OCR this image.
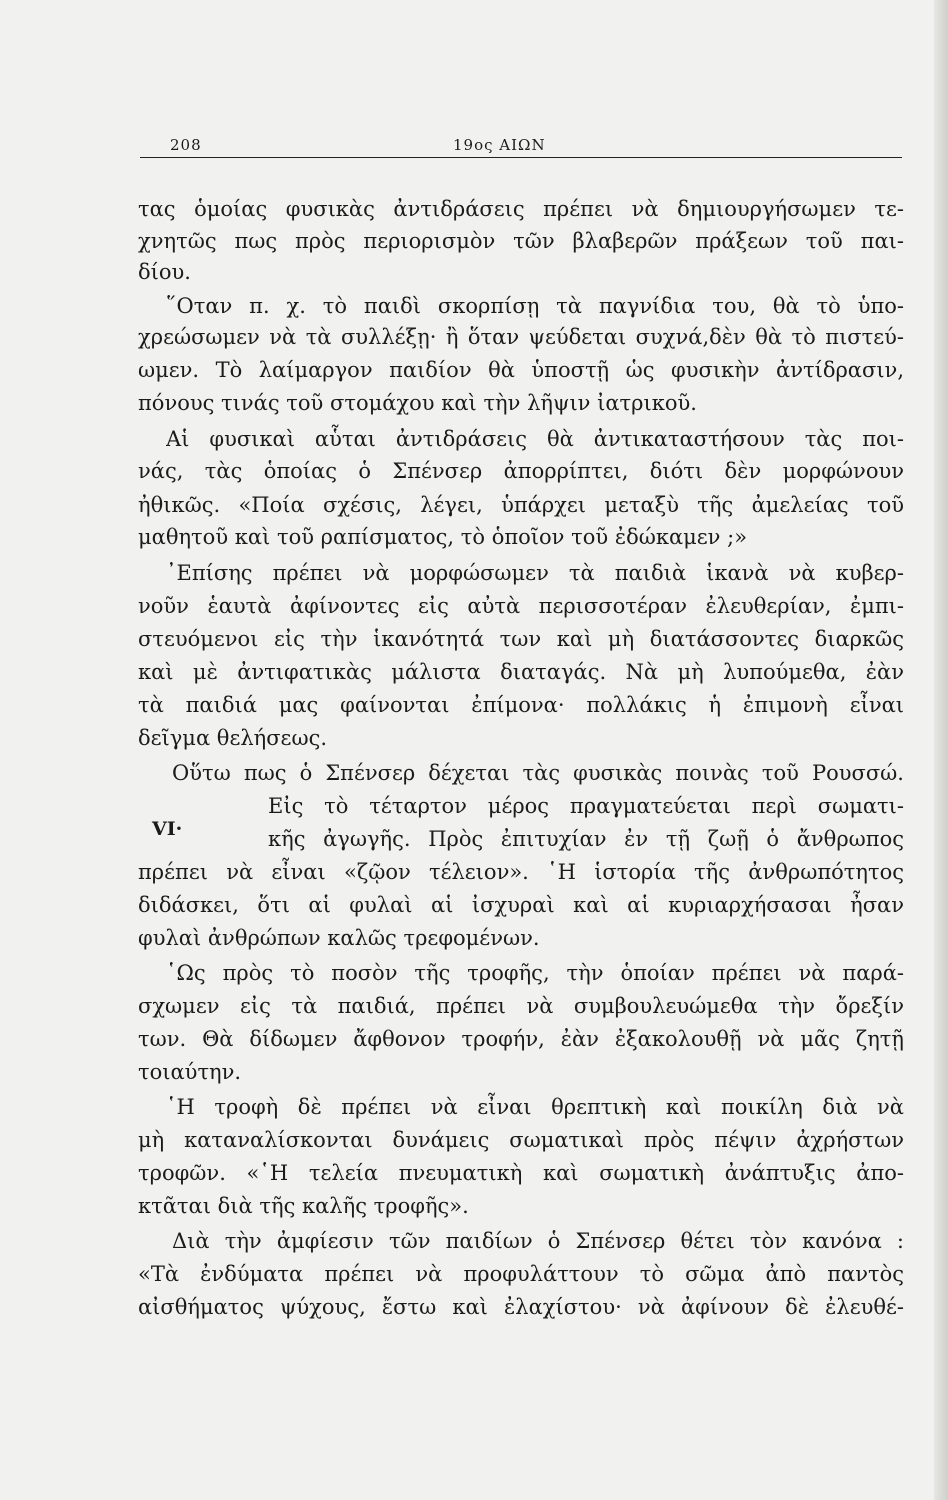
208	19ος ΑΙΩΝ
VI·
τας ὁμοίας φυσικὰς ἀντιδράσεις πρέπει νὰ δημιουργήσωμεν τε-
χνητῶς πως πρὸς περιορισμὸν τῶν βλαβερῶν πράξεων τοῦ παι-
δίου.
῞Οταν π. χ. τὸ παιδὶ σκορπίσῃ τὰ παγνίδια του, θὰ τὸ ὑπο-
χρεώσωμεν νὰ τὰ συλλέξῃ· ἢ ὅταν ψεύδεται συχνά,δὲν θὰ τὸ πιστεύ-
ωμεν. Τὸ λαίμαργον παιδίον θὰ ὑποστῇ ὡς φυσικὴν ἀντίδρασιν,
πόνους τινάς τοῦ στομάχου καὶ τὴν λῆψιν ἰατρικοῦ.
Αἱ φυσικαὶ αὗται ἀντιδράσεις θὰ ἀντικαταστήσουν τὰς ποι-
νάς, τὰς ὁποίας ὁ Σπένσερ ἀπορρίπτει, διότι δὲν μορφώνουν
ἠθικῶς. «Ποία σχέσις, λέγει, ὑπάρχει μεταξὺ τῆς ἀμελείας τοῦ
μαθητοῦ καὶ τοῦ ραπίσματος, τὸ ὁποῖον τοῦ ἐδώκαμεν ;»
᾿Επίσης πρέπει νὰ μορφώσωμεν τὰ παιδιὰ ἱκανὰ νὰ κυβερ-
νοῦν ἑαυτὰ ἀφίνοντες εἰς αὐτὰ περισσοτέραν ἐλευθερίαν, ἐμπι-
στευόμενοι εἰς τὴν ἱκανότητά των καὶ μὴ διατάσσοντες διαρκῶς
καὶ μὲ ἀντιφατικὰς μάλιστα διαταγάς. Νὰ μὴ λυπούμεθα, ἐὰν
τὰ παιδιά μας φαίνονται ἐπίμονα· πολλάκις ἡ ἐπιμονὴ εἶναι
δεῖγμα θελήσεως.
Οὕτω πως ὁ Σπένσερ δέχεται τὰς φυσικὰς ποινὰς τοῦ Ρουσσώ.
Εἰς τὸ τέταρτον μέρος πραγματεύεται περὶ σωματι-
κῆς ἀγωγῆς. Πρὸς ἐπιτυχίαν ἐν τῇ ζωῇ ὁ ἄνθρωπος
πρέπει νὰ εἶναι «ζῷον τέλειον». ῾Η ἱστορία τῆς ἀνθρωπότητος
διδάσκει, ὅτι αἱ φυλαὶ αἱ ἰσχυραὶ καὶ αἱ κυριαρχήσασαι ἦσαν
φυλαὶ ἀνθρώπων καλῶς τρεφομένων.
῾Ως πρὸς τὸ ποσὸν τῆς τροφῆς, τὴν ὁποίαν πρέπει νὰ παρά-
σχωμεν εἰς τὰ παιδιά, πρέπει νὰ συμβουλευώμεθα τὴν ὄρεξίν
των. Θὰ δίδωμεν ἄφθονον τροφήν, ἐὰν ἐξακολουθῇ νὰ μᾶς ζητῇ
τοιαύτην.
῾Η τροφὴ δὲ πρέπει νὰ εἶναι θρεπτικὴ καὶ ποικίλη διὰ νὰ
μὴ καταναλίσκονται δυνάμεις σωματικαὶ πρὸς πέψιν ἀχρήστων
τροφῶν. «῾Η τελεία πνευματικὴ καὶ σωματικὴ ἀνάπτυξις ἀπο-
κτᾶται διὰ τῆς καλῆς τροφῆς».
Διὰ τὴν ἀμφίεσιν τῶν παιδίων ὁ Σπένσερ θέτει τὸν κανόνα :
«Τὰ ἐνδύματα πρέπει νὰ προφυλάττουν τὸ σῶμα ἀπὸ παντὸς
αἰσθήματος ψύχους, ἔστω καὶ ἐλαχίστου· νὰ ἀφίνουν δὲ ἐλευθέ-
